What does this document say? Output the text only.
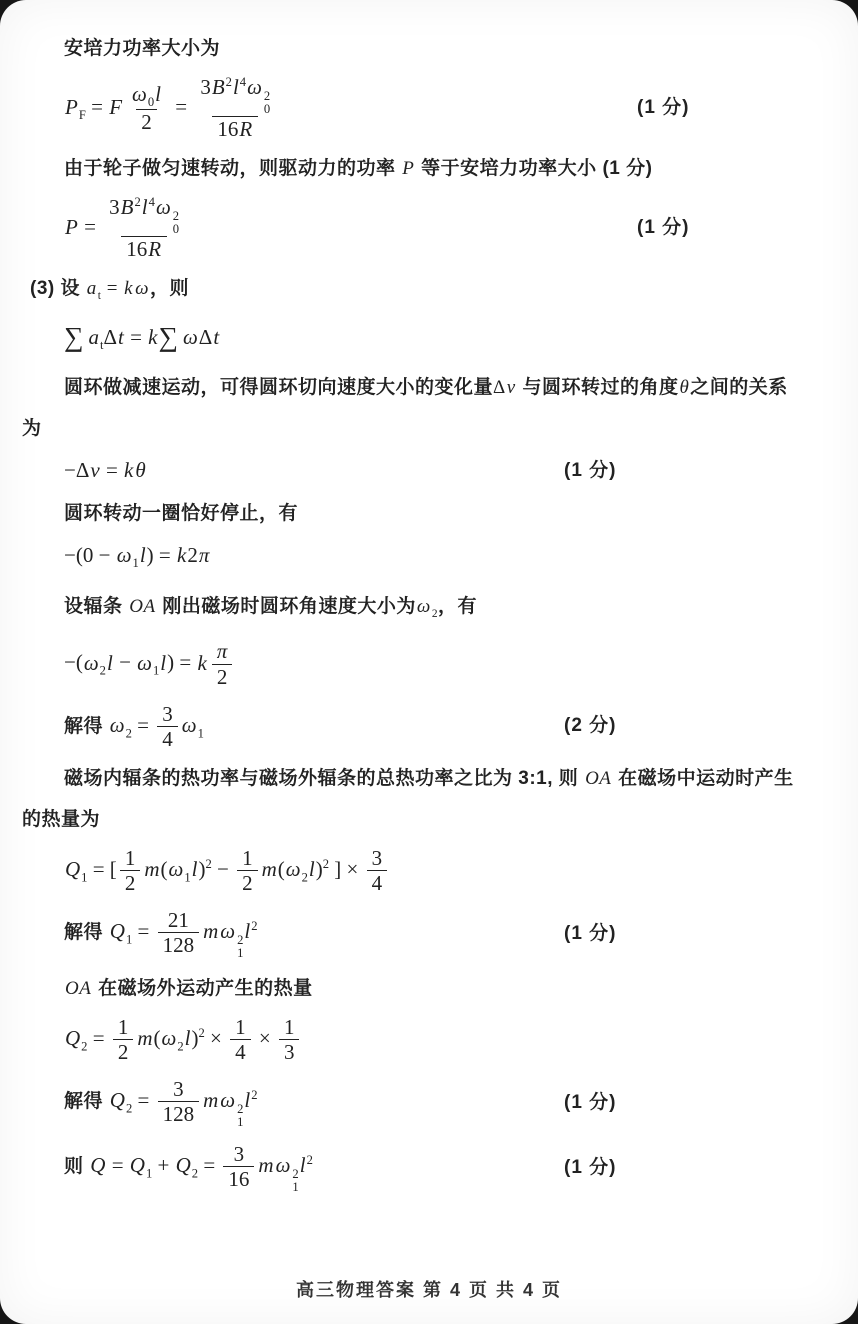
安培力功率大小为
$P_F = F \frac{\omega_0l}{2} = 3B^2l^4\omega$ 2
0
16R	(1 分)
由于轮子做匀速转动，则驱动力的功率 P 等于安培力功率大小 (1 分)
$P = 3B^2l^4\omega$ 2
0
16R	(1 分)
(3) 设 $a_t = k$ ω，则
∑ $a_t\Delta t = k\sum$ ωΔt
圆环做减速运动，可得圆环切向速度大小的变化量Δv 与圆环转过的角度θ之间的关系
为
−Δv = kθ	(1 分)
圆环转动一圈恰好停止，有
$-(0 - \omega_1l) = k2\pi$
设辐条 OA 刚出磁场时圆环角速度大小为$\omega_2$，有
$-(\omega_2l - \omega_1l) = k \frac{\pi}{2}$
解得 $\omega_2 = \frac{3}{4} \omega_1$	(2 分)
磁场内辐条的热功率与磁场外辐条的总热功率之比为 3:1, 则 OA 在磁场中运动时产生
的热量为
$Q_1$ = [ $\frac{1}{2} m(\omega_1l)^2 - \frac{1}{2} m(\omega_2l)^2$ ] × $\frac{3}{4}$
解得 $Q_1 = \frac{21}{128}$ mω 2
1
$l^2$	(1 分)
OA 在磁场外运动产生的热量
$Q_2 = \frac{1}{2} m(\omega_2l)^2 \times \frac{1}{4} \times \frac{1}{3}$
解得 $Q_2 = \frac{3}{128}$ mω 2
1
$l^2$	(1 分)
则 $Q = Q_1 + Q_2 = \frac{3}{16}$ mω 2
1
$l^2$	(1 分)
高三物理答案 第 4 页 共 4 页
